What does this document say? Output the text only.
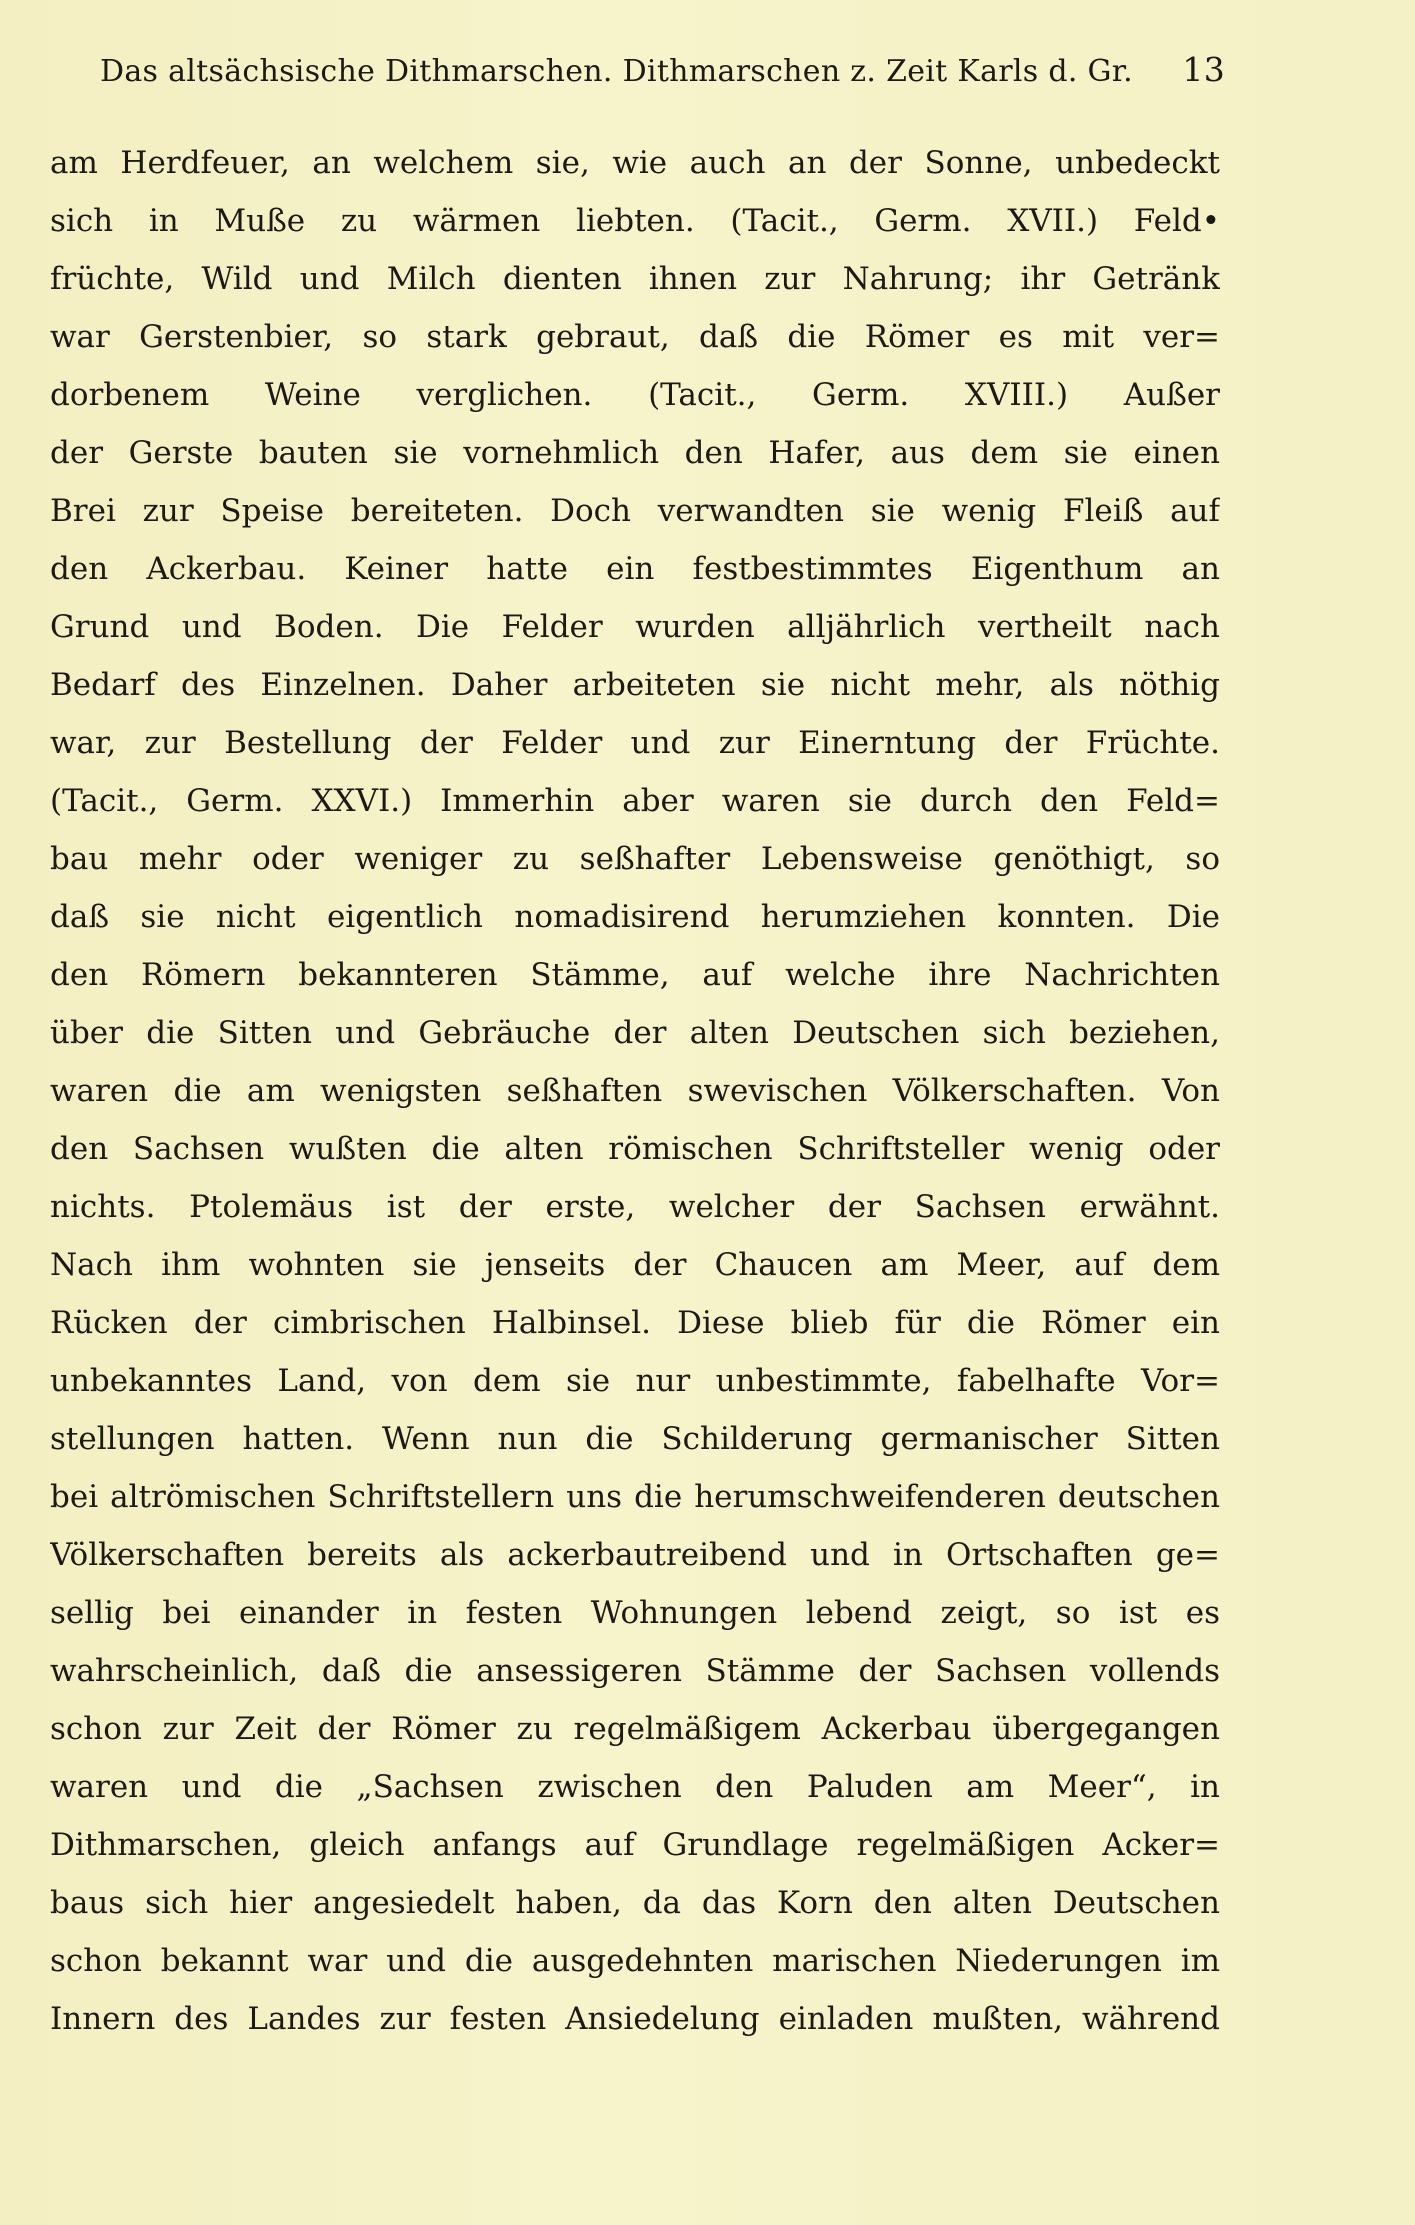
Das altsächsische Dithmarschen. Dithmarschen z. Zeit Karls d. Gr. 13
am Herdfeuer, an welchem sie, wie auch an der Sonne, unbedeckt
sich in Muße zu wärmen liebten. (Tacit., Germ. XVII.) Feld•
früchte, Wild und Milch dienten ihnen zur Nahrung; ihr Getränk
war Gerstenbier, so stark gebraut, daß die Römer es mit ver=
dorbenem Weine verglichen. (Tacit., Germ. XVIII.) Außer
der Gerste bauten sie vornehmlich den Hafer, aus dem sie einen
Brei zur Speise bereiteten. Doch verwandten sie wenig Fleiß auf
den Ackerbau. Keiner hatte ein festbestimmtes Eigenthum an
Grund und Boden. Die Felder wurden alljährlich vertheilt nach
Bedarf des Einzelnen. Daher arbeiteten sie nicht mehr, als nöthig
war, zur Bestellung der Felder und zur Einerntung der Früchte.
(Tacit., Germ. XXVI.) Immerhin aber waren sie durch den Feld=
bau mehr oder weniger zu seßhafter Lebensweise genöthigt, so
daß sie nicht eigentlich nomadisirend herumziehen konnten. Die
den Römern bekannteren Stämme, auf welche ihre Nachrichten
über die Sitten und Gebräuche der alten Deutschen sich beziehen,
waren die am wenigsten seßhaften swevischen Völkerschaften. Von
den Sachsen wußten die alten römischen Schriftsteller wenig oder
nichts. Ptolemäus ist der erste, welcher der Sachsen erwähnt.
Nach ihm wohnten sie jenseits der Chaucen am Meer, auf dem
Rücken der cimbrischen Halbinsel. Diese blieb für die Römer ein
unbekanntes Land, von dem sie nur unbestimmte, fabelhafte Vor=
stellungen hatten. Wenn nun die Schilderung germanischer Sitten
bei altrömischen Schriftstellern uns die herumschweifenderen deutschen
Völkerschaften bereits als ackerbautreibend und in Ortschaften ge=
sellig bei einander in festen Wohnungen lebend zeigt, so ist es
wahrscheinlich, daß die ansessigeren Stämme der Sachsen vollends
schon zur Zeit der Römer zu regelmäßigem Ackerbau übergegangen
waren und die „Sachsen zwischen den Paluden am Meer“, in
Dithmarschen, gleich anfangs auf Grundlage regelmäßigen Acker=
baus sich hier angesiedelt haben, da das Korn den alten Deutschen
schon bekannt war und die ausgedehnten marischen Niederungen im
Innern des Landes zur festen Ansiedelung einladen mußten, während
